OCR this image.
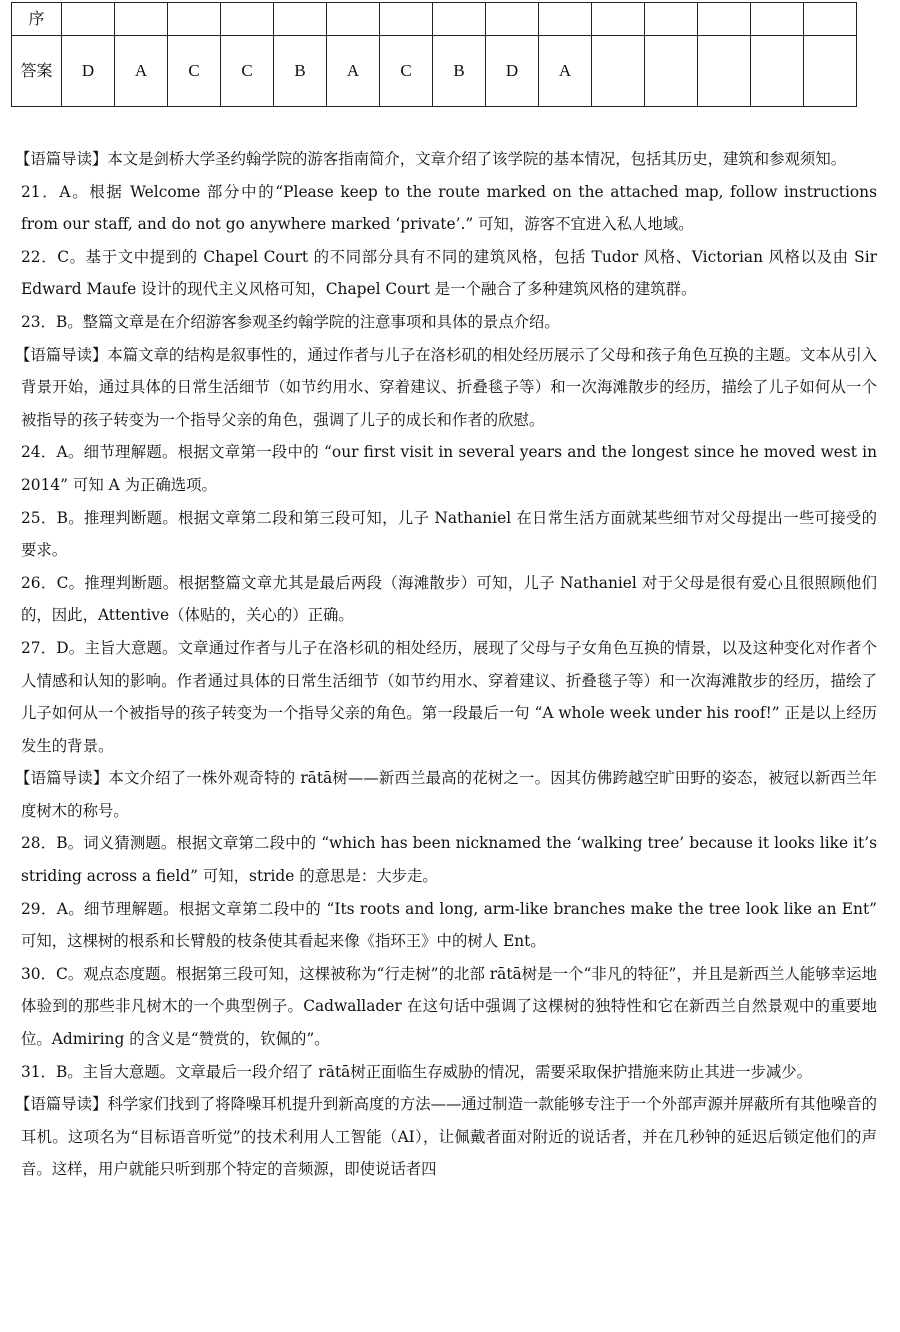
序															
答案	D	A	C	C	B	A	C	B	D	A					

【语篇导读】本文是剑桥大学圣约翰学院的游客指南简介，文章介绍了该学院的基本情况，包括其历史，建筑和参观须知。

21．A。根据 Welcome 部分中的“Please keep to the route marked on the attached map, follow instructions from our staff, and do not go anywhere marked ‘private’.” 可知，游客不宜进入私人地域。

22．C。基于文中提到的 Chapel Court 的不同部分具有不同的建筑风格，包括 Tudor 风格、Victorian 风格以及由 Sir Edward Maufe 设计的现代主义风格可知，Chapel Court 是一个融合了多种建筑风格的建筑群。

23．B。整篇文章是在介绍游客参观圣约翰学院的注意事项和具体的景点介绍。

【语篇导读】本篇文章的结构是叙事性的，通过作者与儿子在洛杉矶的相处经历展示了父母和孩子角色互换的主题。文本从引入背景开始，通过具体的日常生活细节（如节约用水、穿着建议、折叠毯子等）和一次海滩散步的经历，描绘了儿子如何从一个被指导的孩子转变为一个指导父亲的角色，强调了儿子的成长和作者的欣慰。

24．A。细节理解题。根据文章第一段中的 “our first visit in several years and the longest since he moved west in 2014” 可知 A 为正确选项。

25．B。推理判断题。根据文章第二段和第三段可知，儿子 Nathaniel 在日常生活方面就某些细节对父母提出一些可接受的要求。

26．C。推理判断题。根据整篇文章尤其是最后两段（海滩散步）可知，儿子 Nathaniel 对于父母是很有爱心且很照顾他们的，因此，Attentive（体贴的，关心的）正确。

27．D。主旨大意题。文章通过作者与儿子在洛杉矶的相处经历，展现了父母与子女角色互换的情景，以及这种变化对作者个人情感和认知的影响。作者通过具体的日常生活细节（如节约用水、穿着建议、折叠毯子等）和一次海滩散步的经历，描绘了儿子如何从一个被指导的孩子转变为一个指导父亲的角色。第一段最后一句 “A whole week under his roof!” 正是以上经历发生的背景。

【语篇导读】本文介绍了一株外观奇特的 rātā树——新西兰最高的花树之一。因其仿佛跨越空旷田野的姿态，被冠以新西兰年度树木的称号。

28．B。词义猜测题。根据文章第二段中的 “which has been nicknamed the ‘walking tree’ because it looks like it’s striding across a field” 可知，stride 的意思是：大步走。

29．A。细节理解题。根据文章第二段中的 “Its roots and long, arm-like branches make the tree look like an Ent” 可知，这棵树的根系和长臂般的枝条使其看起来像《指环王》中的树人 Ent。

30．C。观点态度题。根据第三段可知，这棵被称为“行走树”的北部 rātā树是一个“非凡的特征”，并且是新西兰人能够幸运地体验到的那些非凡树木的一个典型例子。Cadwallader 在这句话中强调了这棵树的独特性和它在新西兰自然景观中的重要地位。Admiring 的含义是“赞赏的，钦佩的”。

31．B。主旨大意题。文章最后一段介绍了 rātā树正面临生存威胁的情况，需要采取保护措施来防止其进一步减少。

【语篇导读】科学家们找到了将降噪耳机提升到新高度的方法——通过制造一款能够专注于一个外部声源并屏蔽所有其他噪音的耳机。这项名为“目标语音听觉”的技术利用人工智能（AI），让佩戴者面对附近的说话者，并在几秒钟的延迟后锁定他们的声音。这样，用户就能只听到那个特定的音频源，即使说话者四
